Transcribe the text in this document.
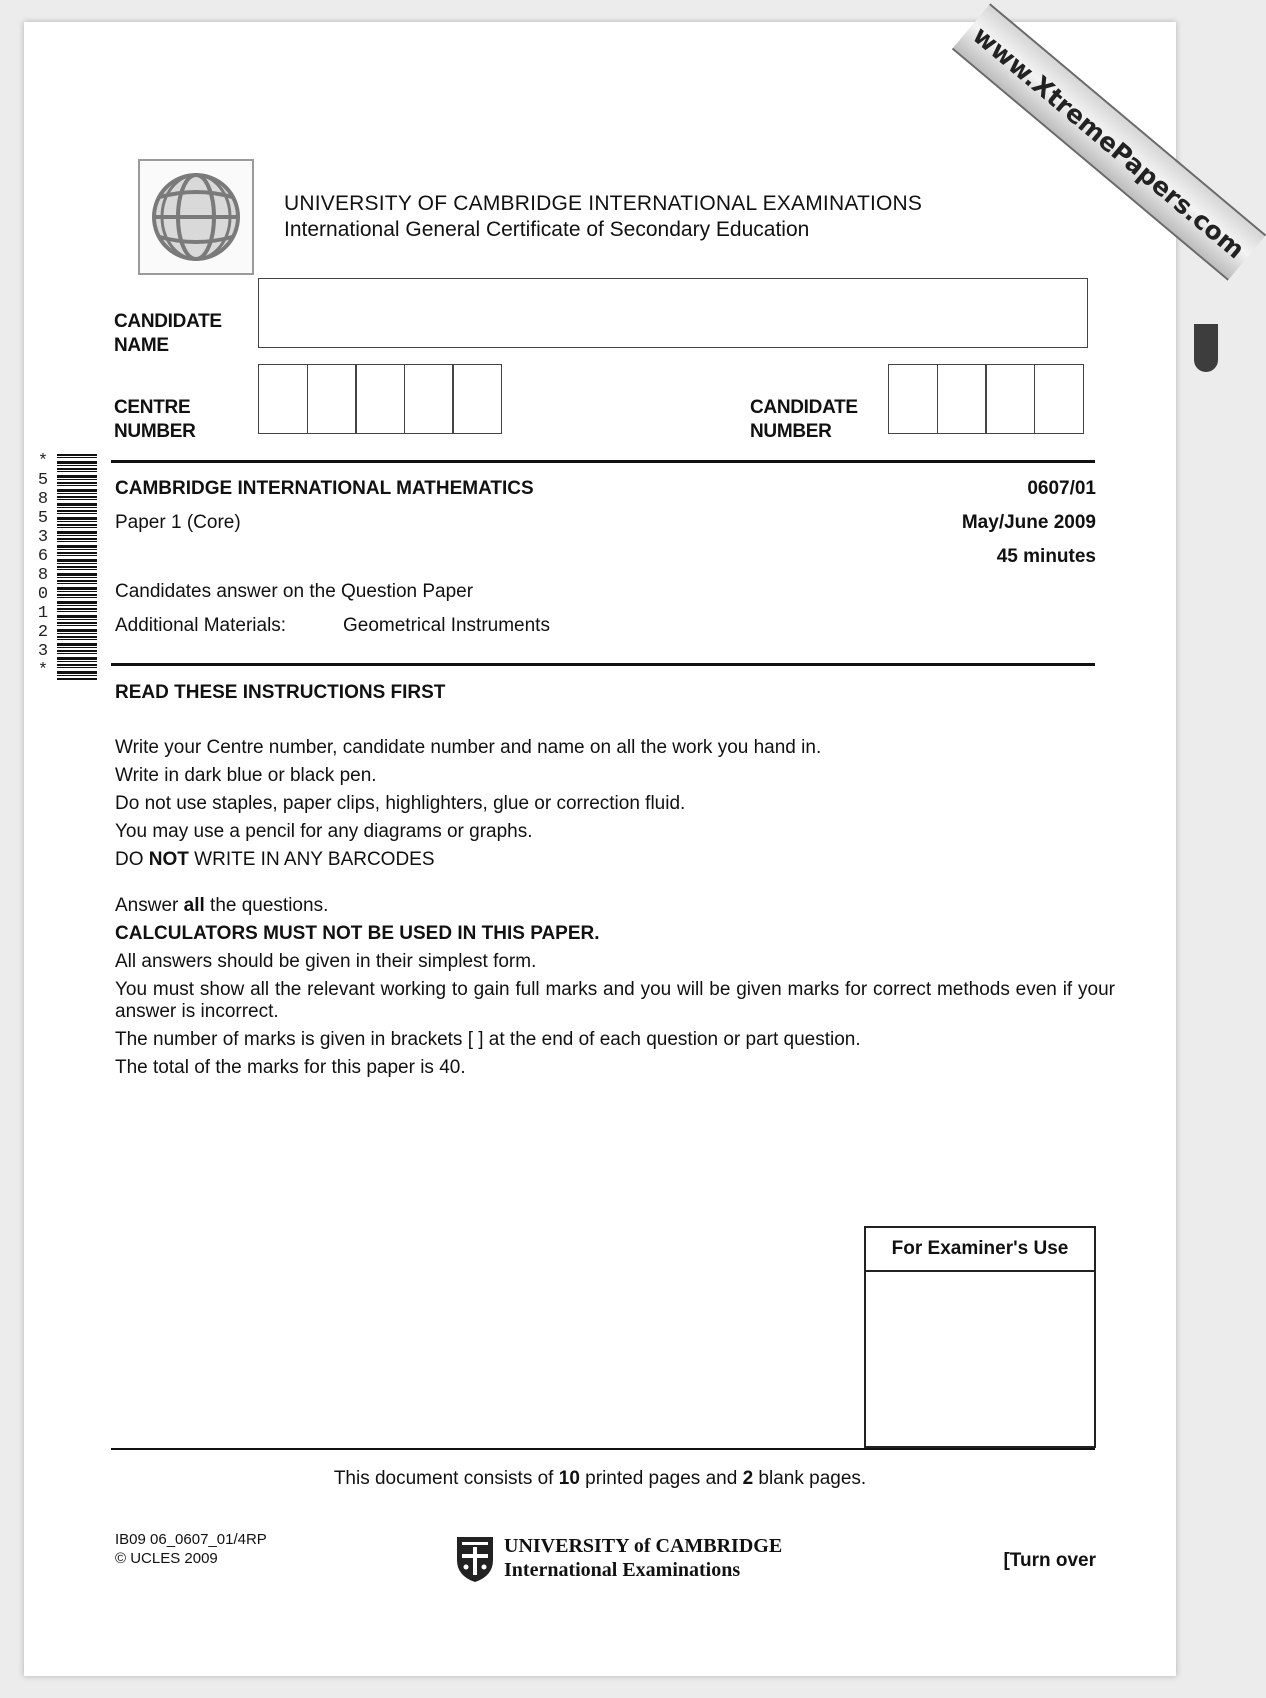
www.XtremePapers.com
UNIVERSITY OF CAMBRIDGE INTERNATIONAL EXAMINATIONS
International General Certificate of Secondary Education
CANDIDATE
NAME
CENTRE
NUMBER
CANDIDATE
NUMBER
*
5
8
5
3
6
8
0
1
2
3
*
CAMBRIDGE INTERNATIONAL MATHEMATICS	0607/01
Paper 1 (Core)	May/June 2009
45 minutes
Candidates answer on the Question Paper
Additional Materials:	Geometrical Instruments
READ THESE INSTRUCTIONS FIRST

Write your Centre number, candidate number and name on all the work you hand in.

Write in dark blue or black pen.

Do not use staples, paper clips, highlighters, glue or correction fluid.

You may use a pencil for any diagrams or graphs.

DO NOT WRITE IN ANY BARCODES

Answer all the questions.

CALCULATORS MUST NOT BE USED IN THIS PAPER.

All answers should be given in their simplest form.

You must show all the relevant working to gain full marks and you will be given marks for correct methods even if your answer is incorrect.

The number of marks is given in brackets [ ] at the end of each question or part question.

The total of the marks for this paper is 40.

For Examiner's Use
This document consists of 10 printed pages and 2 blank pages.
IB09 06_0607_01/4RP
© UCLES 2009
UNIVERSITY of CAMBRIDGE
International Examinations	[Turn over
